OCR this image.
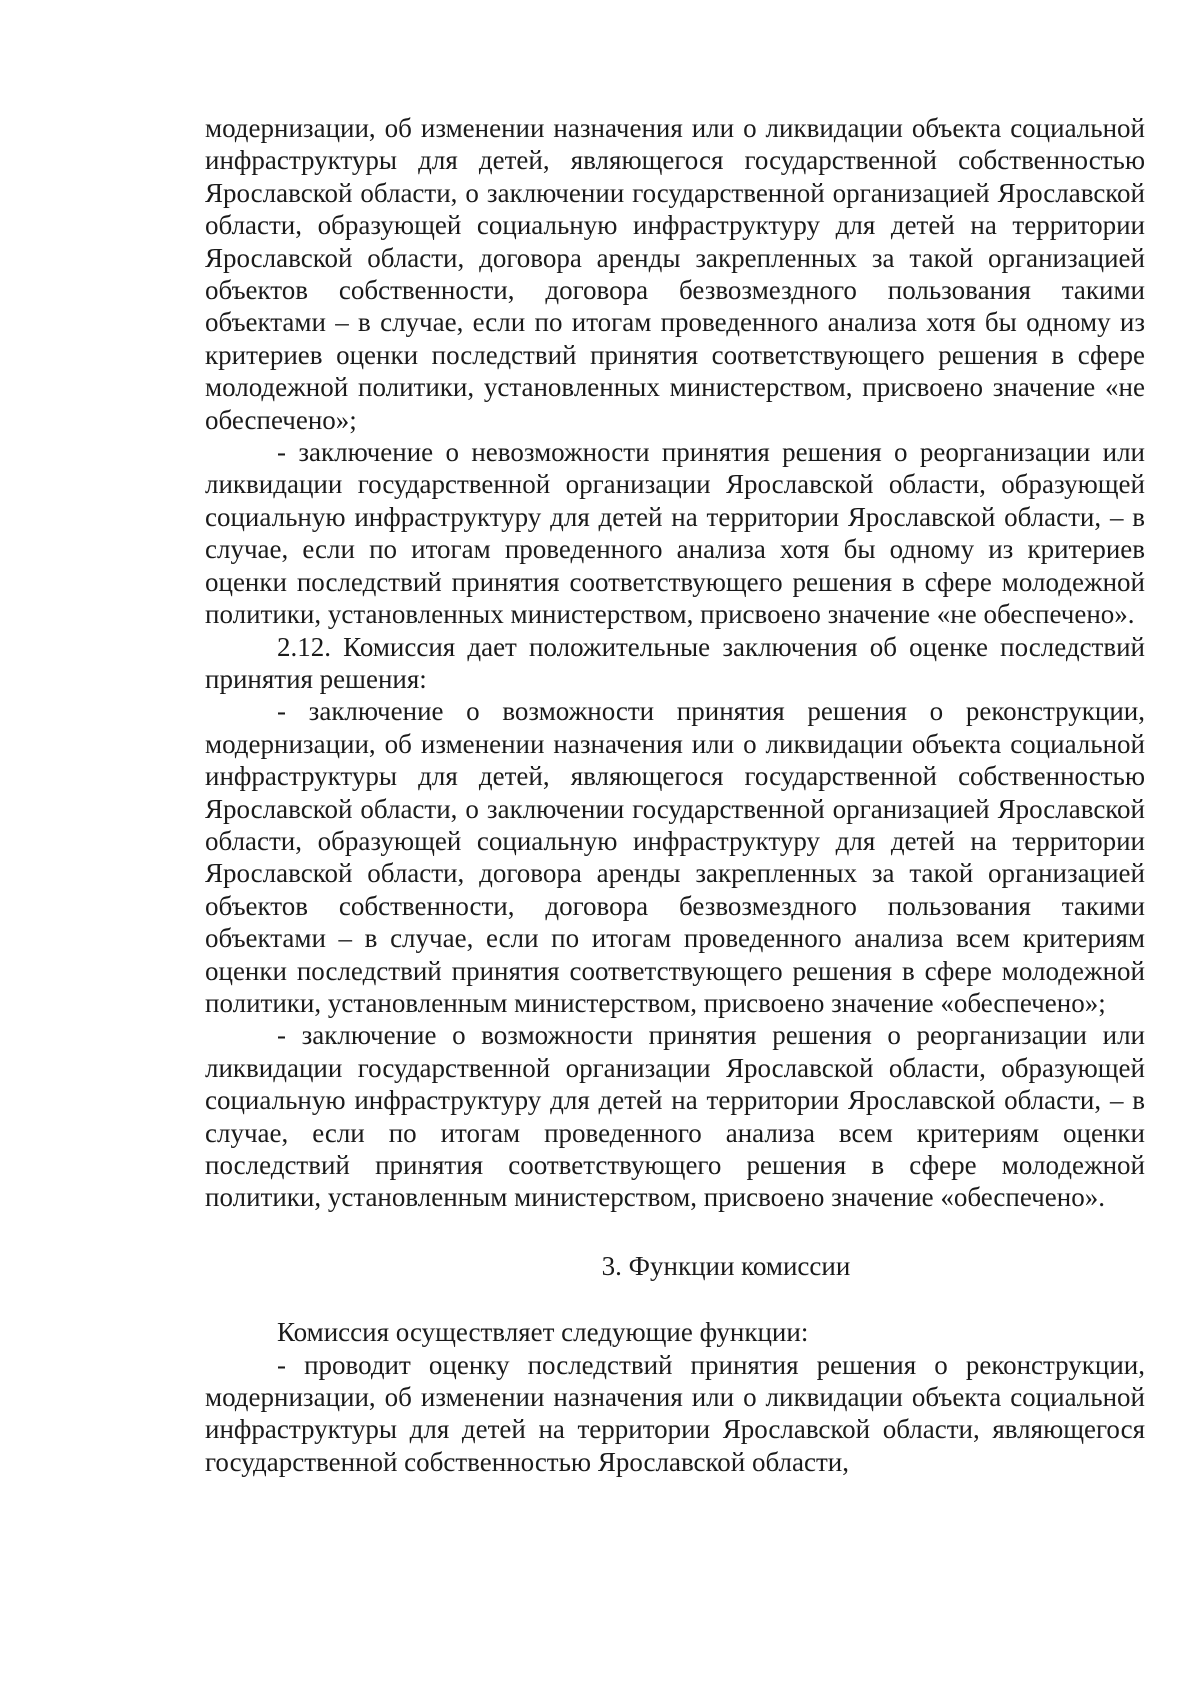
модернизации, об изменении назначения или о ликвидации объекта социальной инфраструктуры для детей, являющегося государственной собственностью Ярославской области, о заключении государственной организацией Ярославской области, образующей социальную инфраструктуру для детей на территории Ярославской области, договора аренды закрепленных за такой организацией объектов собственности, договора безвозмездного пользования такими объектами – в случае, если по итогам проведенного анализа хотя бы одному из критериев оценки последствий принятия соответствующего решения в сфере молодежной политики, установленных министерством, присвоено значение «не обеспечено»;

- заключение о невозможности принятия решения о реорганизации или ликвидации государственной организации Ярославской области, образующей социальную инфраструктуру для детей на территории Ярославской области, – в случае, если по итогам проведенного анализа хотя бы одному из критериев оценки последствий принятия соответствующего решения в сфере молодежной политики, установленных министерством, присвоено значение «не обеспечено».

2.12. Комиссия дает положительные заключения об оценке последствий принятия решения:

- заключение о возможности принятия решения о реконструкции, модернизации, об изменении назначения или о ликвидации объекта социальной инфраструктуры для детей, являющегося государственной собственностью Ярославской области, о заключении государственной организацией Ярославской области, образующей социальную инфраструктуру для детей на территории Ярославской области, договора аренды закрепленных за такой организацией объектов собственности, договора безвозмездного пользования такими объектами – в случае, если по итогам проведенного анализа всем критериям оценки последствий принятия соответствующего решения в сфере молодежной политики, установленным министерством, присвоено значение «обеспечено»;

- заключение о возможности принятия решения о реорганизации или ликвидации государственной организации Ярославской области, образующей социальную инфраструктуру для детей на территории Ярославской области, – в случае, если по итогам проведенного анализа всем критериям оценки последствий принятия соответствующего решения в сфере молодежной политики, установленным министерством, присвоено значение «обеспечено».

3. Функции комиссии

Комиссия осуществляет следующие функции:

- проводит оценку последствий принятия решения о реконструкции, модернизации, об изменении назначения или о ликвидации объекта социальной инфраструктуры для детей на территории Ярославской области, являющегося государственной собственностью Ярославской области,
